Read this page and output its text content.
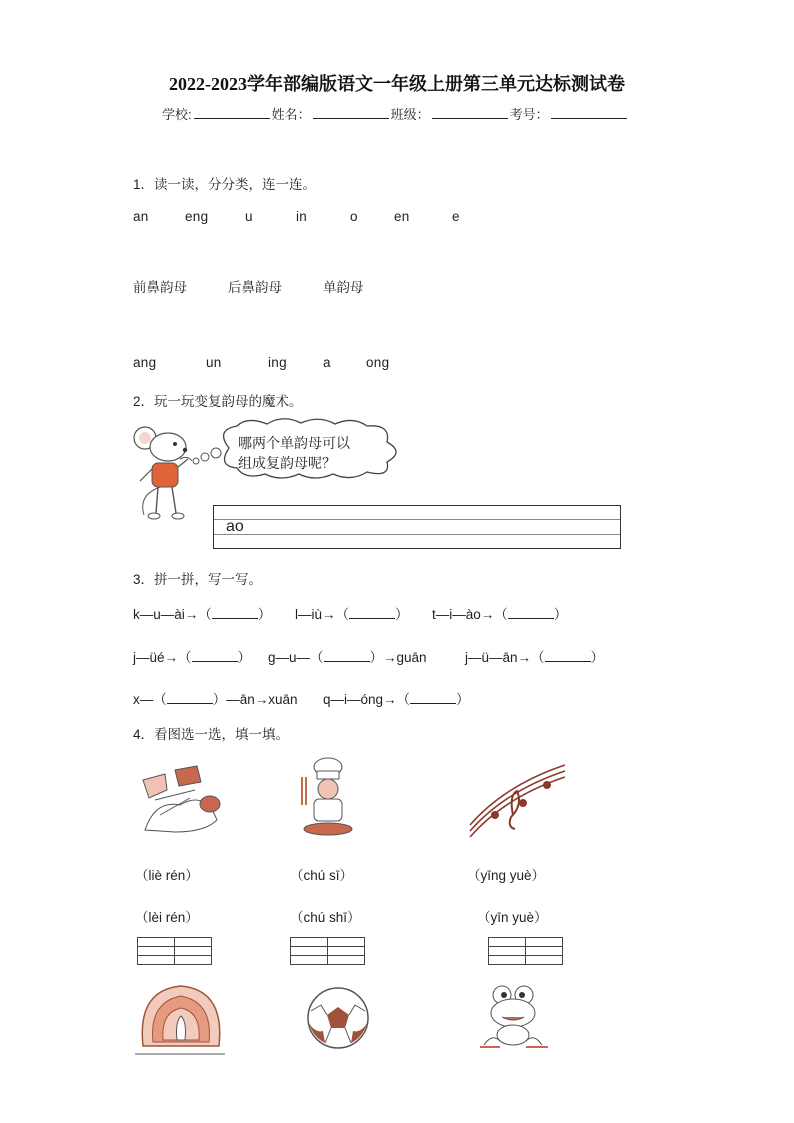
2022-2023学年部编版语文一年级上册第三单元达标测试卷
学校:	姓名：	班级：	考号：
1．读一读，分分类，连一连。
an	eng	u	in	o	en	e
前鼻韵母	后鼻韵母	单韵母
ang	un	ing	a	ong
2．玩一玩变复韵母的魔术。
哪两个单韵母可以
组成复韵母呢？
ao
3．拼一拼，写一写。
k—u—ài→（	） l—iù→（	） t—i—ào→（	）
j—üé→（	） g—u—（	）→guān	j—ü—ān→（	）
x—（	）—ān→xuān q—i—óng→（	）
4．看图选一选，填一填。
（liè rén）	（chú sī）	（yīng yuè）
（lèi rén）	（chú shī）	（yīn yuè）
